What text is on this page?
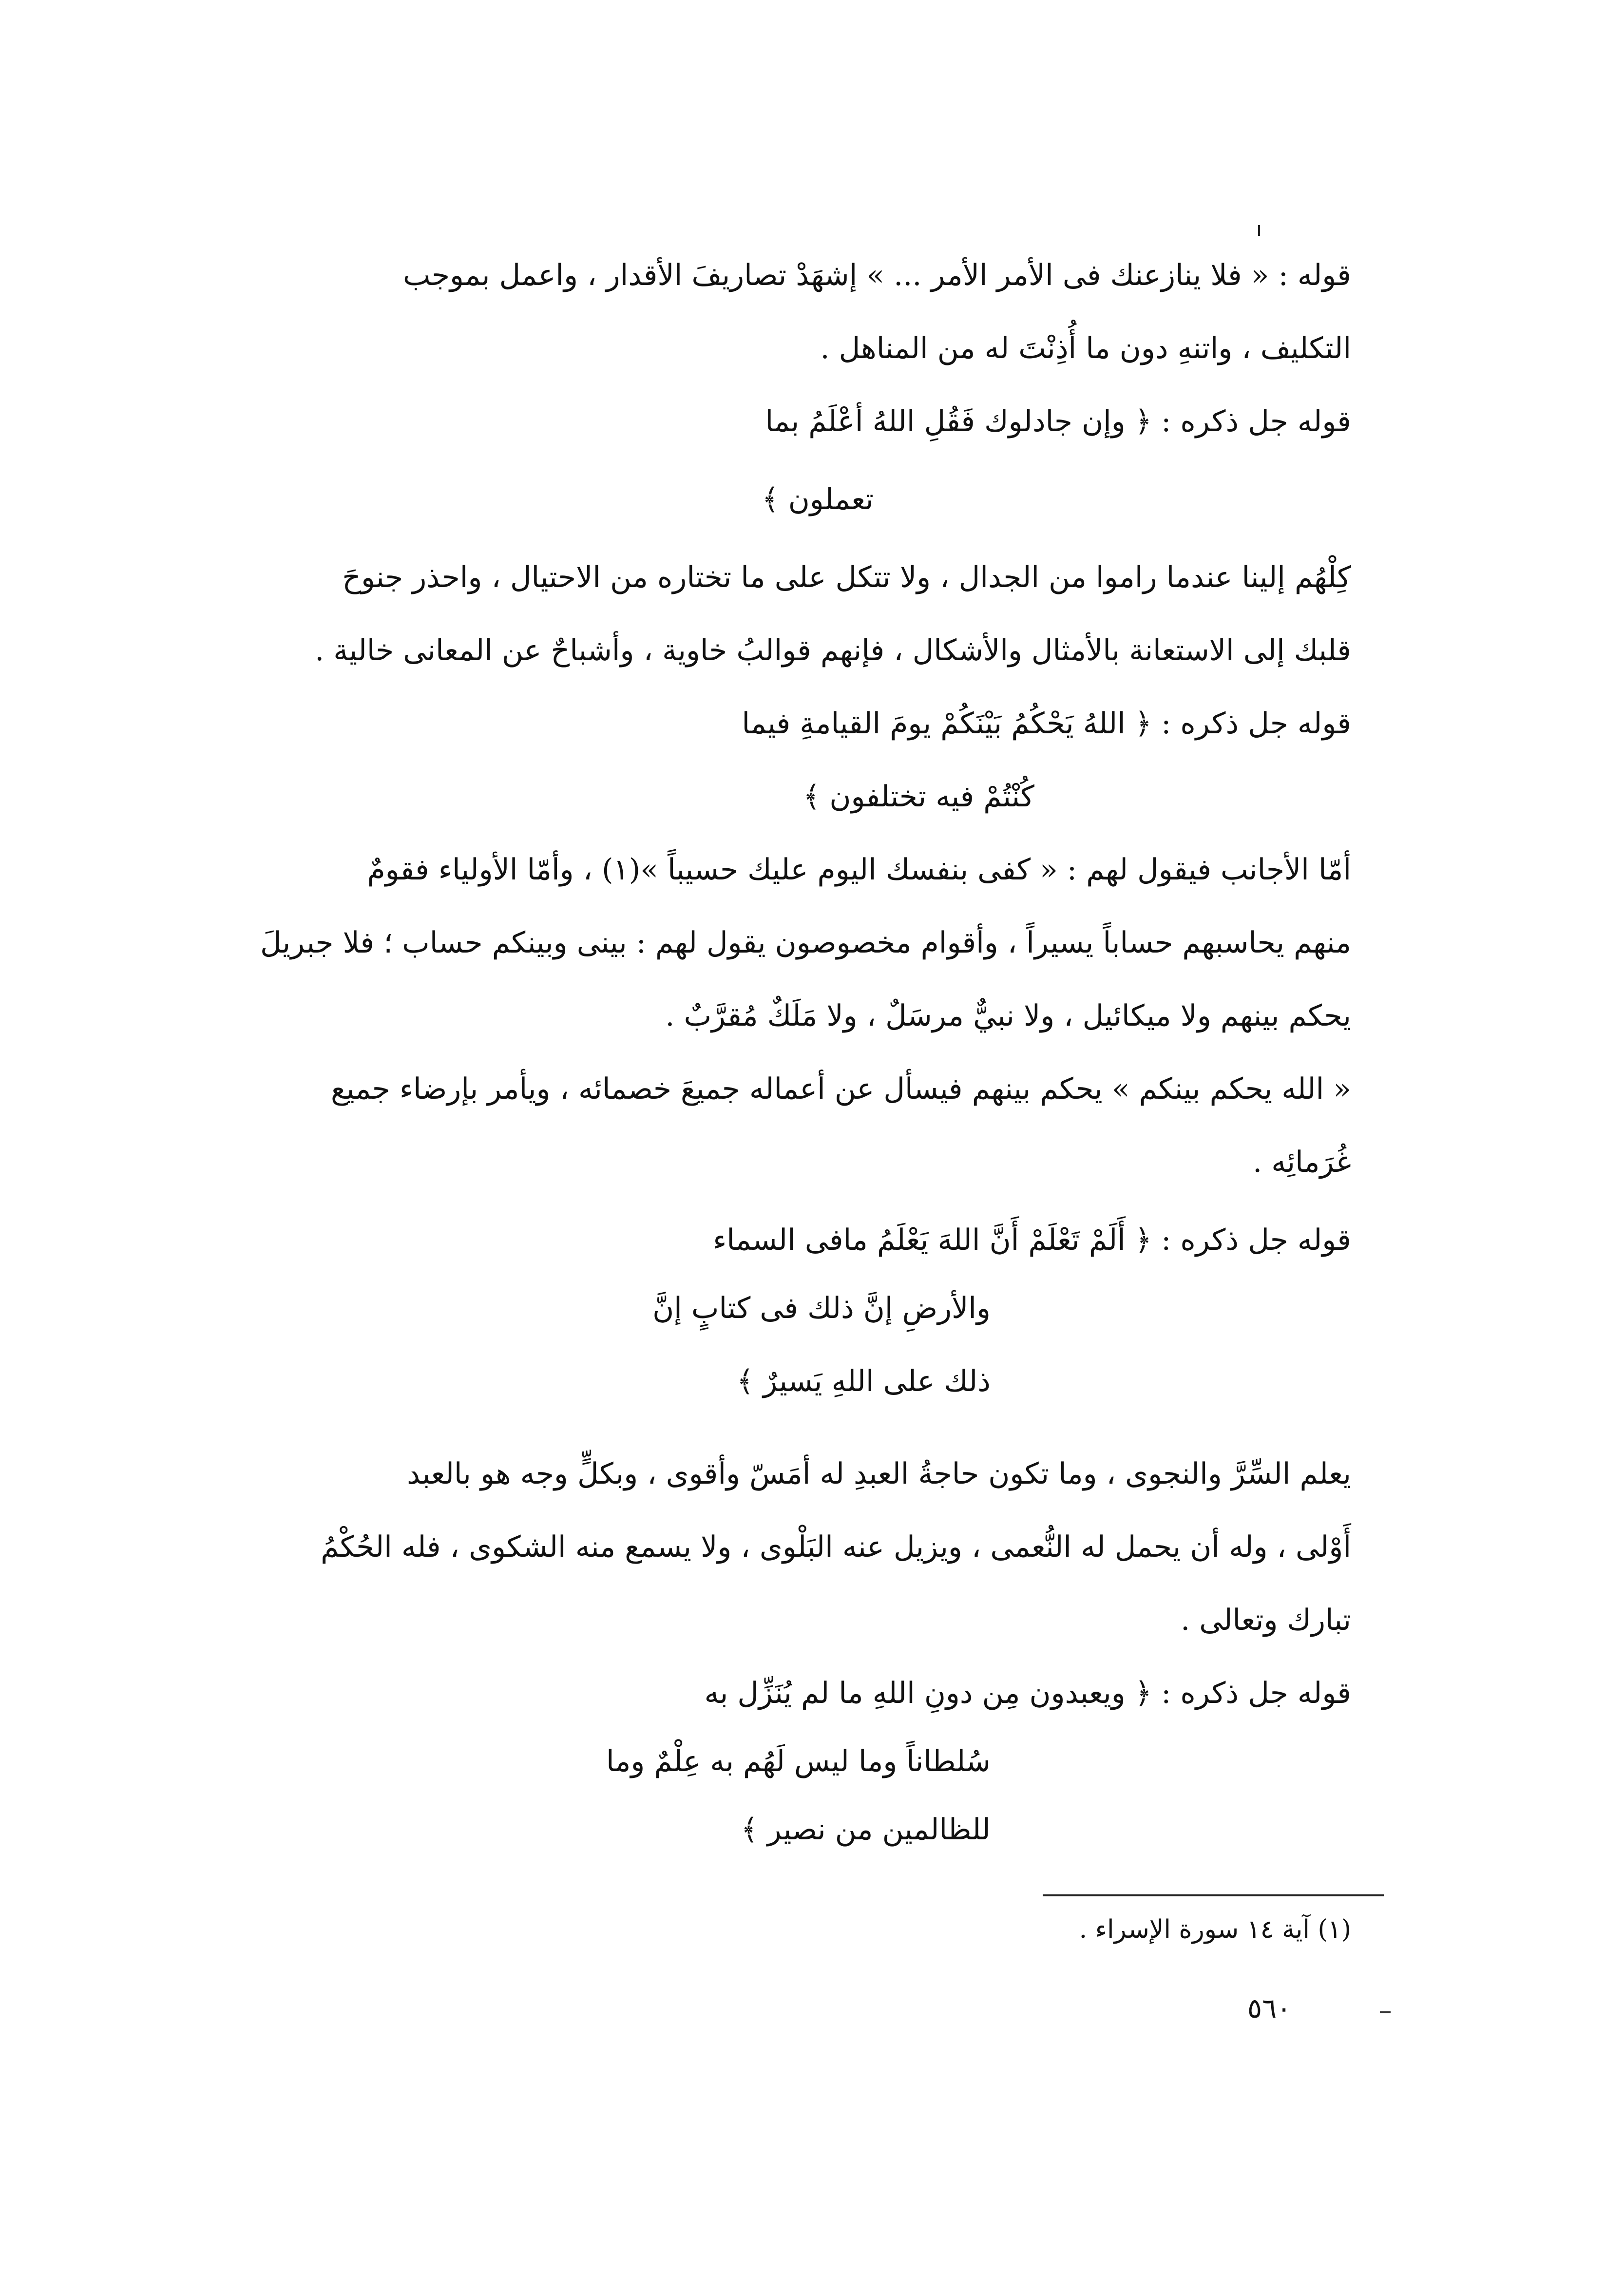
قوله : « فلا ينازعنك فى الأمر الأمر ... » إشهَدْ تصاريفَ الأقدار ، واعمل بموجب
التكليف ، واتنهِ دون ما أُذِنْتَ له من المناهل .
قوله جل ذكره : ﴿ وإن جادلوك فَقُلِ اللهُ أعْلَمُ بما
تعملون ﴾
كِلْهُم إلينا عندما راموا من الجدال ، ولا تتكل على ما تختاره من الاحتيال ، واحذر جنوحَ
قلبك إلى الاستعانة بالأمثال والأشكال ، فإنهم قوالبُ خاوية ، وأشباحٌ عن المعانى خالية .
قوله جل ذكره : ﴿ اللهُ يَحْكُمُ بَيْنَكُمْ يومَ القيامةِ فيما
كُنْتُمْ فيه تختلفون ﴾
أمّا الأجانب فيقول لهم : « كفى بنفسك اليوم عليك حسيباً »(١) ، وأمّا الأولياء فقومٌ
منهم يحاسبهم حساباً يسيراً ، وأقوام مخصوصون يقول لهم : بينى وبينكم حساب ؛ فلا جبريلَ
يحكم بينهم ولا ميكائيل ، ولا نبيٌّ مرسَلٌ ، ولا مَلَكٌ مُقرَّبٌ .
« الله يحكم بينكم » يحكم بينهم فيسأل عن أعماله جميعَ خصمائه ، ويأمر بإرضاء جميع
غُرَمائِه .
قوله جل ذكره : ﴿ أَلَمْ تَعْلَمْ أَنَّ اللهَ يَعْلَمُ مافى السماء
والأرضِ إنَّ ذلك فى كتابٍ إنَّ
ذلك على اللهِ يَسيرٌ ﴾
يعلم السِّرَّ والنجوى ، وما تكون حاجةُ العبدِ له أمَسّ وأقوى ، وبكلٍّ وجه هو بالعبد
أَوْلى ، وله أن يحمل له النُّعمى ، ويزيل عنه البَلْوى ، ولا يسمع منه الشكوى ، فله الحُكْمُ
تبارك وتعالى .
قوله جل ذكره : ﴿ ويعبدون مِن دونِ اللهِ ما لم يُنَزِّل به
سُلطاناً وما ليس لَهُم به عِلْمٌ وما
للظالمين من نصير ﴾
(١) آية ١٤ سورة الإسراء .
٥٦٠
